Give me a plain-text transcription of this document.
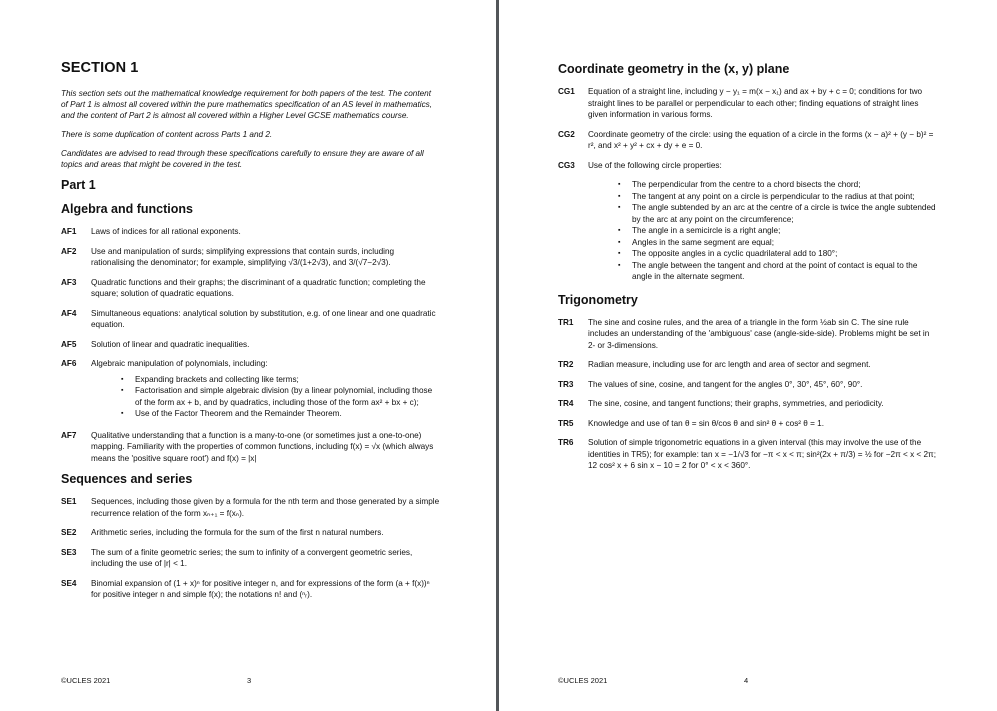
SECTION 1

This section sets out the mathematical knowledge requirement for both papers of the test. The content of Part 1 is almost all covered within the pure mathematics specification of an AS level in mathematics, and the content of Part 2 is almost all covered within a Higher Level GCSE mathematics course.

There is some duplication of content across Parts 1 and 2.

Candidates are advised to read through these specifications carefully to ensure they are aware of all topics and areas that might be covered in the test.

Part 1
Algebra and functions
AF1	Laws of indices for all rational exponents.
AF2	Use and manipulation of surds; simplifying expressions that contain surds, including rationalising the denominator; for example, simplifying √3/(1+2√3), and 3/(√7−2√3).
AF3	Quadratic functions and their graphs; the discriminant of a quadratic function; completing the square; solution of quadratic equations.
AF4	Simultaneous equations: analytical solution by substitution, e.g. of one linear and one quadratic equation.
AF5	Solution of linear and quadratic inequalities.
AF6	Algebraic manipulation of polynomials, including:
▪ Expanding brackets and collecting like terms;
▪ Factorisation and simple algebraic division (by a linear polynomial, including those of the form ax + b, and by quadratics, including those of the form ax² + bx + c);
▪ Use of the Factor Theorem and the Remainder Theorem.
AF7	Qualitative understanding that a function is a many-to-one (or sometimes just a one-to-one) mapping. Familiarity with the properties of common functions, including f(x) = √x (which always means the 'positive square root') and f(x) = |x|
Sequences and series
SE1	Sequences, including those given by a formula for the nth term and those generated by a simple recurrence relation of the form xₙ₊₁ = f(xₙ).
SE2	Arithmetic series, including the formula for the sum of the first n natural numbers.
SE3	The sum of a finite geometric series; the sum to infinity of a convergent geometric series, including the use of |r| < 1.
SE4	Binomial expansion of (1 + x)ⁿ for positive integer n, and for expressions of the form (a + f(x))ⁿ for positive integer n and simple f(x); the notations n! and (ⁿᵣ).
©UCLES 2021	3
Coordinate geometry in the (x, y) plane
CG1	Equation of a straight line, including y − y₁ = m(x − x₁) and ax + by + c = 0; conditions for two straight lines to be parallel or perpendicular to each other; finding equations of straight lines given information in various forms.
CG2	Coordinate geometry of the circle: using the equation of a circle in the forms (x − a)² + (y − b)² = r², and x² + y² + cx + dy + e = 0.
CG3	Use of the following circle properties:
▪ The perpendicular from the centre to a chord bisects the chord;
▪ The tangent at any point on a circle is perpendicular to the radius at that point;
▪ The angle subtended by an arc at the centre of a circle is twice the angle subtended by the arc at any point on the circumference;
▪ The angle in a semicircle is a right angle;
▪ Angles in the same segment are equal;
▪ The opposite angles in a cyclic quadrilateral add to 180°;
▪ The angle between the tangent and chord at the point of contact is equal to the angle in the alternate segment.
Trigonometry
TR1	The sine and cosine rules, and the area of a triangle in the form ½ab sin C. The sine rule includes an understanding of the 'ambiguous' case (angle-side-side). Problems might be set in 2- or 3-dimensions.
TR2	Radian measure, including use for arc length and area of sector and segment.
TR3	The values of sine, cosine, and tangent for the angles 0°, 30°, 45°, 60°, 90°.
TR4	The sine, cosine, and tangent functions; their graphs, symmetries, and periodicity.
TR5	Knowledge and use of tan θ = sin θ/cos θ and sin² θ + cos² θ = 1.
TR6	Solution of simple trigonometric equations in a given interval (this may involve the use of the identities in TR5); for example: tan x = −1/√3 for −π < x < π; sin²(2x + π/3) = ½ for −2π < x < 2π; 12 cos² x + 6 sin x − 10 = 2 for 0° < x < 360°.
©UCLES 2021	4
